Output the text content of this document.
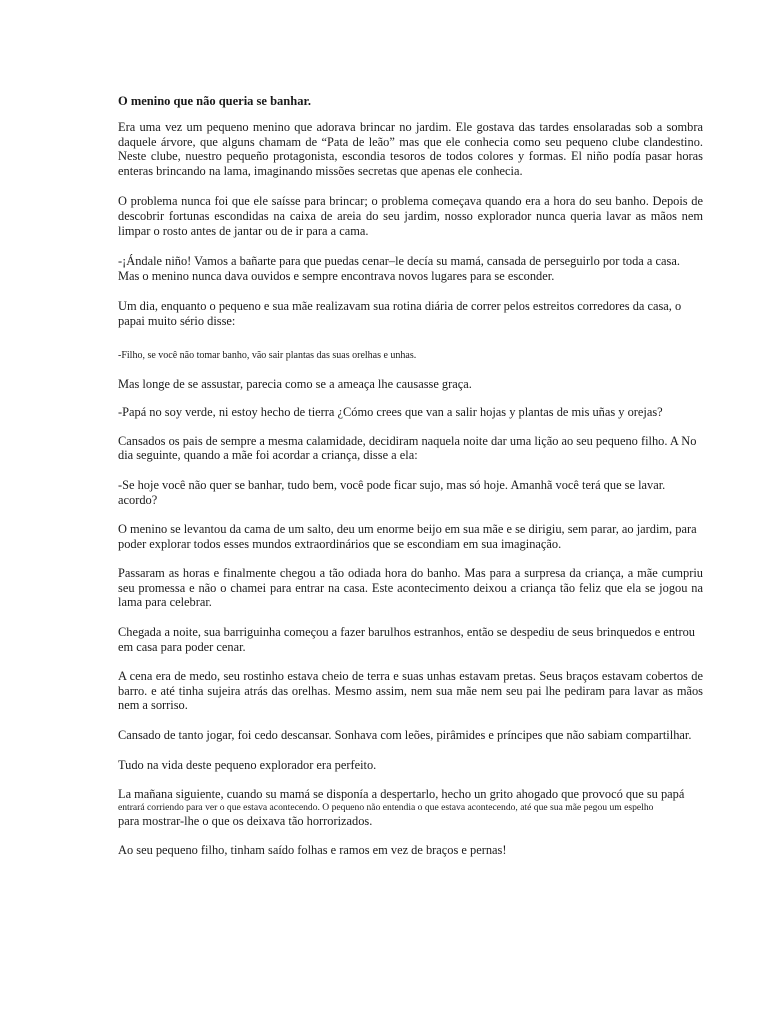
O menino que não queria se banhar.

Era uma vez um pequeno menino que adorava brincar no jardim. Ele gostava das tardes ensolaradas sob a sombra daquele árvore, que alguns chamam de “Pata de leão” mas que ele conhecia como seu pequeno clube clandestino. Neste clube, nuestro pequeño protagonista, escondia tesoros de todos colores y formas. El niño podía pasar horas enteras brincando na lama, imaginando missões secretas que apenas ele conhecia.

O problema nunca foi que ele saísse para brincar; o problema começava quando era a hora do seu banho. Depois de descobrir fortunas escondidas na caixa de areia do seu jardim, nosso explorador nunca queria lavar as mãos nem limpar o rosto antes de jantar ou de ir para a cama.

-¡Ándale niño! Vamos a bañarte para que puedas cenar–le decía su mamá, cansada de perseguirlo por toda a casa. Mas o menino nunca dava ouvidos e sempre encontrava novos lugares para se esconder.

Um dia, enquanto o pequeno e sua mãe realizavam sua rotina diária de correr pelos estreitos corredores da casa, o papai muito sério disse:

-Filho, se você não tomar banho, vão sair plantas das suas orelhas e unhas.

Mas longe de se assustar, parecia como se a ameaça lhe causasse graça.

-Papá no soy verde, ni estoy hecho de tierra ¿Cómo crees que van a salir hojas y plantas de mis uñas y orejas?

Cansados os pais de sempre a mesma calamidade, decidiram naquela noite dar uma lição ao seu pequeno filho. A No dia seguinte, quando a mãe foi acordar a criança, disse a ela:

-Se hoje você não quer se banhar, tudo bem, você pode ficar sujo, mas só hoje. Amanhã você terá que se lavar. acordo?

O menino se levantou da cama de um salto, deu um enorme beijo em sua mãe e se dirigiu, sem parar, ao jardim, para poder explorar todos esses mundos extraordinários que se escondiam em sua imaginação.

Passaram as horas e finalmente chegou a tão odiada hora do banho. Mas para a surpresa da criança, a mãe cumpriu seu promessa e não o chamei para entrar na casa. Este acontecimento deixou a criança tão feliz que ela se jogou na lama para celebrar.

Chegada a noite, sua barriguinha começou a fazer barulhos estranhos, então se despediu de seus brinquedos e entrou em casa para poder cenar.

A cena era de medo, seu rostinho estava cheio de terra e suas unhas estavam pretas. Seus braços estavam cobertos de barro. e até tinha sujeira atrás das orelhas. Mesmo assim, nem sua mãe nem seu pai lhe pediram para lavar as mãos nem a sorriso.

Cansado de tanto jogar, foi cedo descansar. Sonhava com leões, pirâmides e príncipes que não sabiam compartilhar.

Tudo na vida deste pequeno explorador era perfeito.

La mañana siguiente, cuando su mamá se disponía a despertarlo, hecho un grito ahogado que provocó que su papá

entrará corriendo para ver o que estava acontecendo. O pequeno não entendia o que estava acontecendo, até que sua mãe pegou um espelho

para mostrar-lhe o que os deixava tão horrorizados.

Ao seu pequeno filho, tinham saído folhas e ramos em vez de braços e pernas!
